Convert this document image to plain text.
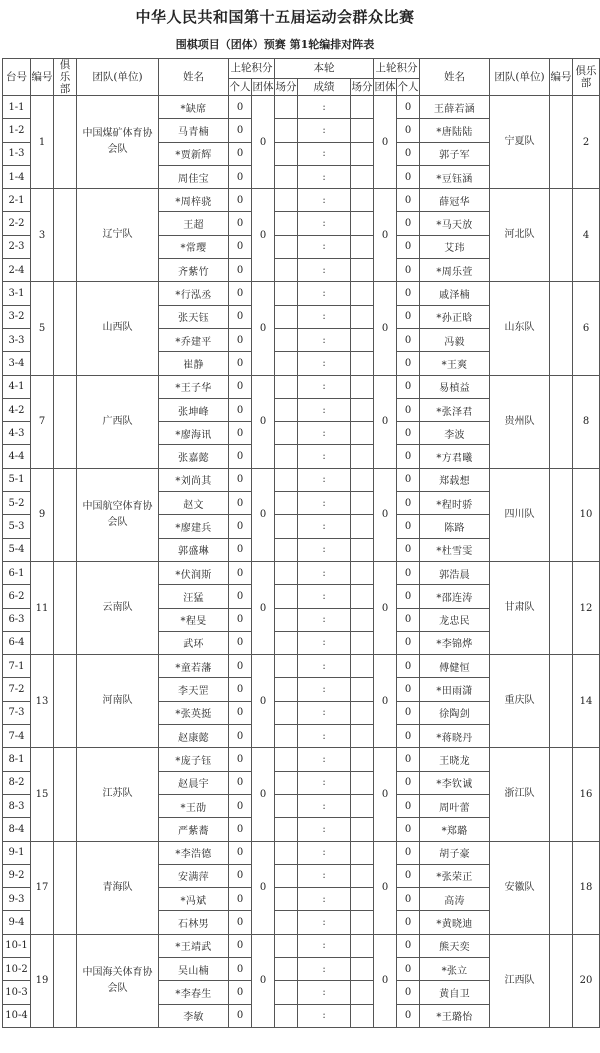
中华人民共和国第十五届运动会群众比赛
围棋项目（团体）预赛 第1轮编排对阵表
台号	编号	俱乐部	团队(单位)	姓名	上轮积分		本轮			上轮积分		姓名	团队(单位)	编号	俱乐部
					个人	团体	场分	成绩	场分	团体	个人				
1-1	1		中国煤矿体育协会队	*缺席	0	0		:		0	0	王薛若涵	宁夏队		2
1-2				马青楠	0			:			0	*唐陆陆			
1-3				*贾新辉	0			:			0	郭子军			
1-4				周佳宝	0			:			0	*豆钰涵			
2-1	3		辽宁队	*周梓骁	0	0		:		0	0	薛冠华	河北队		4
2-2				王超	0			:			0	*马天放			
2-3				*常璎	0			:			0	艾玮			
2-4				齐紫竹	0			:			0	*周乐萱			
3-1	5		山西队	*行泓丞	0	0		:		0	0	戚泽楠	山东队		6
3-2				张天钰	0			:			0	*孙正晗			
3-3				*乔建平	0			:			0	冯毅			
3-4				崔静	0			:			0	*王爽			
4-1	7		广西队	*王子华	0	0		:		0	0	易楨益	贵州队		8
4-2				张坤峰	0			:			0	*张泽君			
4-3				*廖海讯	0			:			0	李波			
4-4				张嘉懿	0			:			0	*方君曦			
5-1	9		中国航空体育协会队	*刘尚其	0	0		:		0	0	郑载想	四川队		10
5-2				赵文	0			:			0	*程时骄			
5-3				*廖建兵	0			:			0	陈路			
5-4				郭盛琳	0			:			0	*杜雪雯			
6-1	11		云南队	*伏润斯	0	0		:		0	0	郭浩晨	甘肃队		12
6-2				汪猛	0			:			0	*邵连涛			
6-3				*程旻	0			:			0	龙忠民			
6-4				武环	0			:			0	*李锦烨			
7-1	13		河南队	*童若藩	0	0		:		0	0	傅健恒	重庆队		14
7-2				李天罡	0			:			0	*田雨潇			
7-3				*张英挺	0			:			0	徐陶剑			
7-4				赵康懿	0			:			0	*蒋晓丹			
8-1	15		江苏队	*庞子钰	0	0		:		0	0	王晓龙	浙江队		16
8-2				赵晨宇	0			:			0	*李钦诚			
8-3				*王劭	0			:			0	周叶蕾			
8-4				严紫蕎	0			:			0	*郑璐			
9-1	17		青海队	*李浩德	0	0		:		0	0	胡子豪	安徽队		18
9-2				安满萍	0			:			0	*张荣正			
9-3				*冯斌	0			:			0	高涛			
9-4				石林男	0			:			0	*黄晓迪			
10-1	19		中国海关体育协会队	*王靖武	0	0		:		0	0	熊天奕	江西队		20
10-2				吴山楠	0			:			0	*张立			
10-3				*李春生	0			:			0	黄自卫			
10-4				李敏	0			:			0	*王璐怡			
